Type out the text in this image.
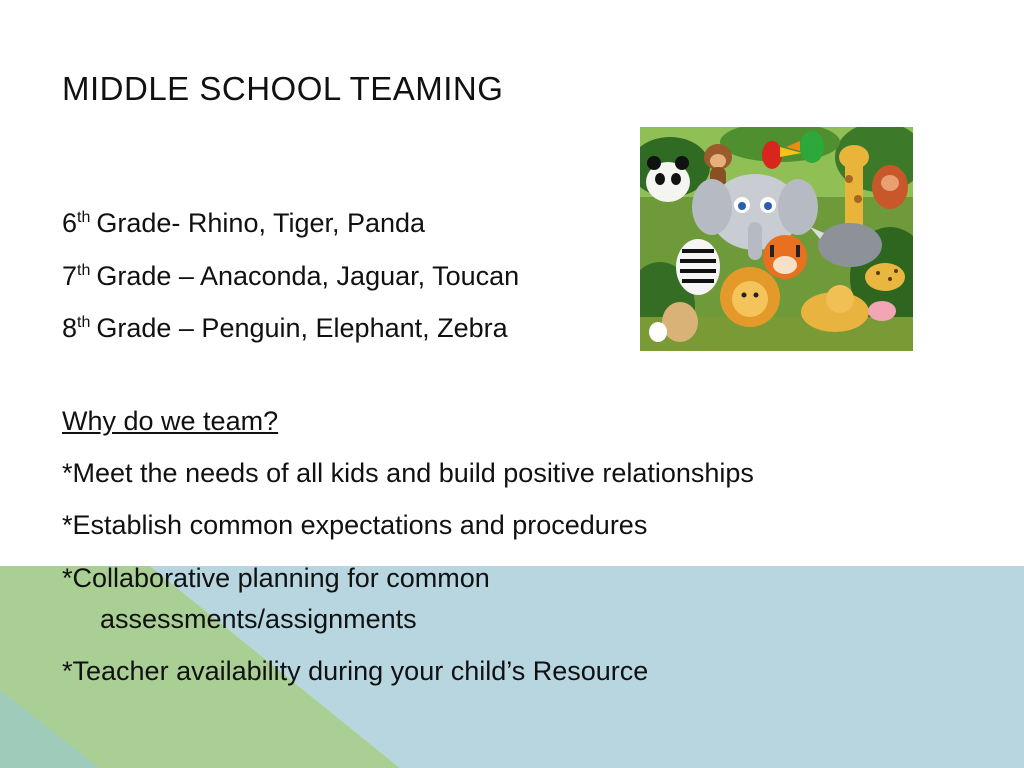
MIDDLE SCHOOL TEAMING

6th Grade- Rhino, Tiger, Panda

7th Grade – Anaconda, Jaguar, Toucan

8th Grade – Penguin, Elephant, Zebra

Why do we team?

*Meet the needs of all kids and build positive relationships

*Establish common expectations and procedures

*Collaborative planning for common

assessments/assignments

*Teacher availability during your child’s Resource
